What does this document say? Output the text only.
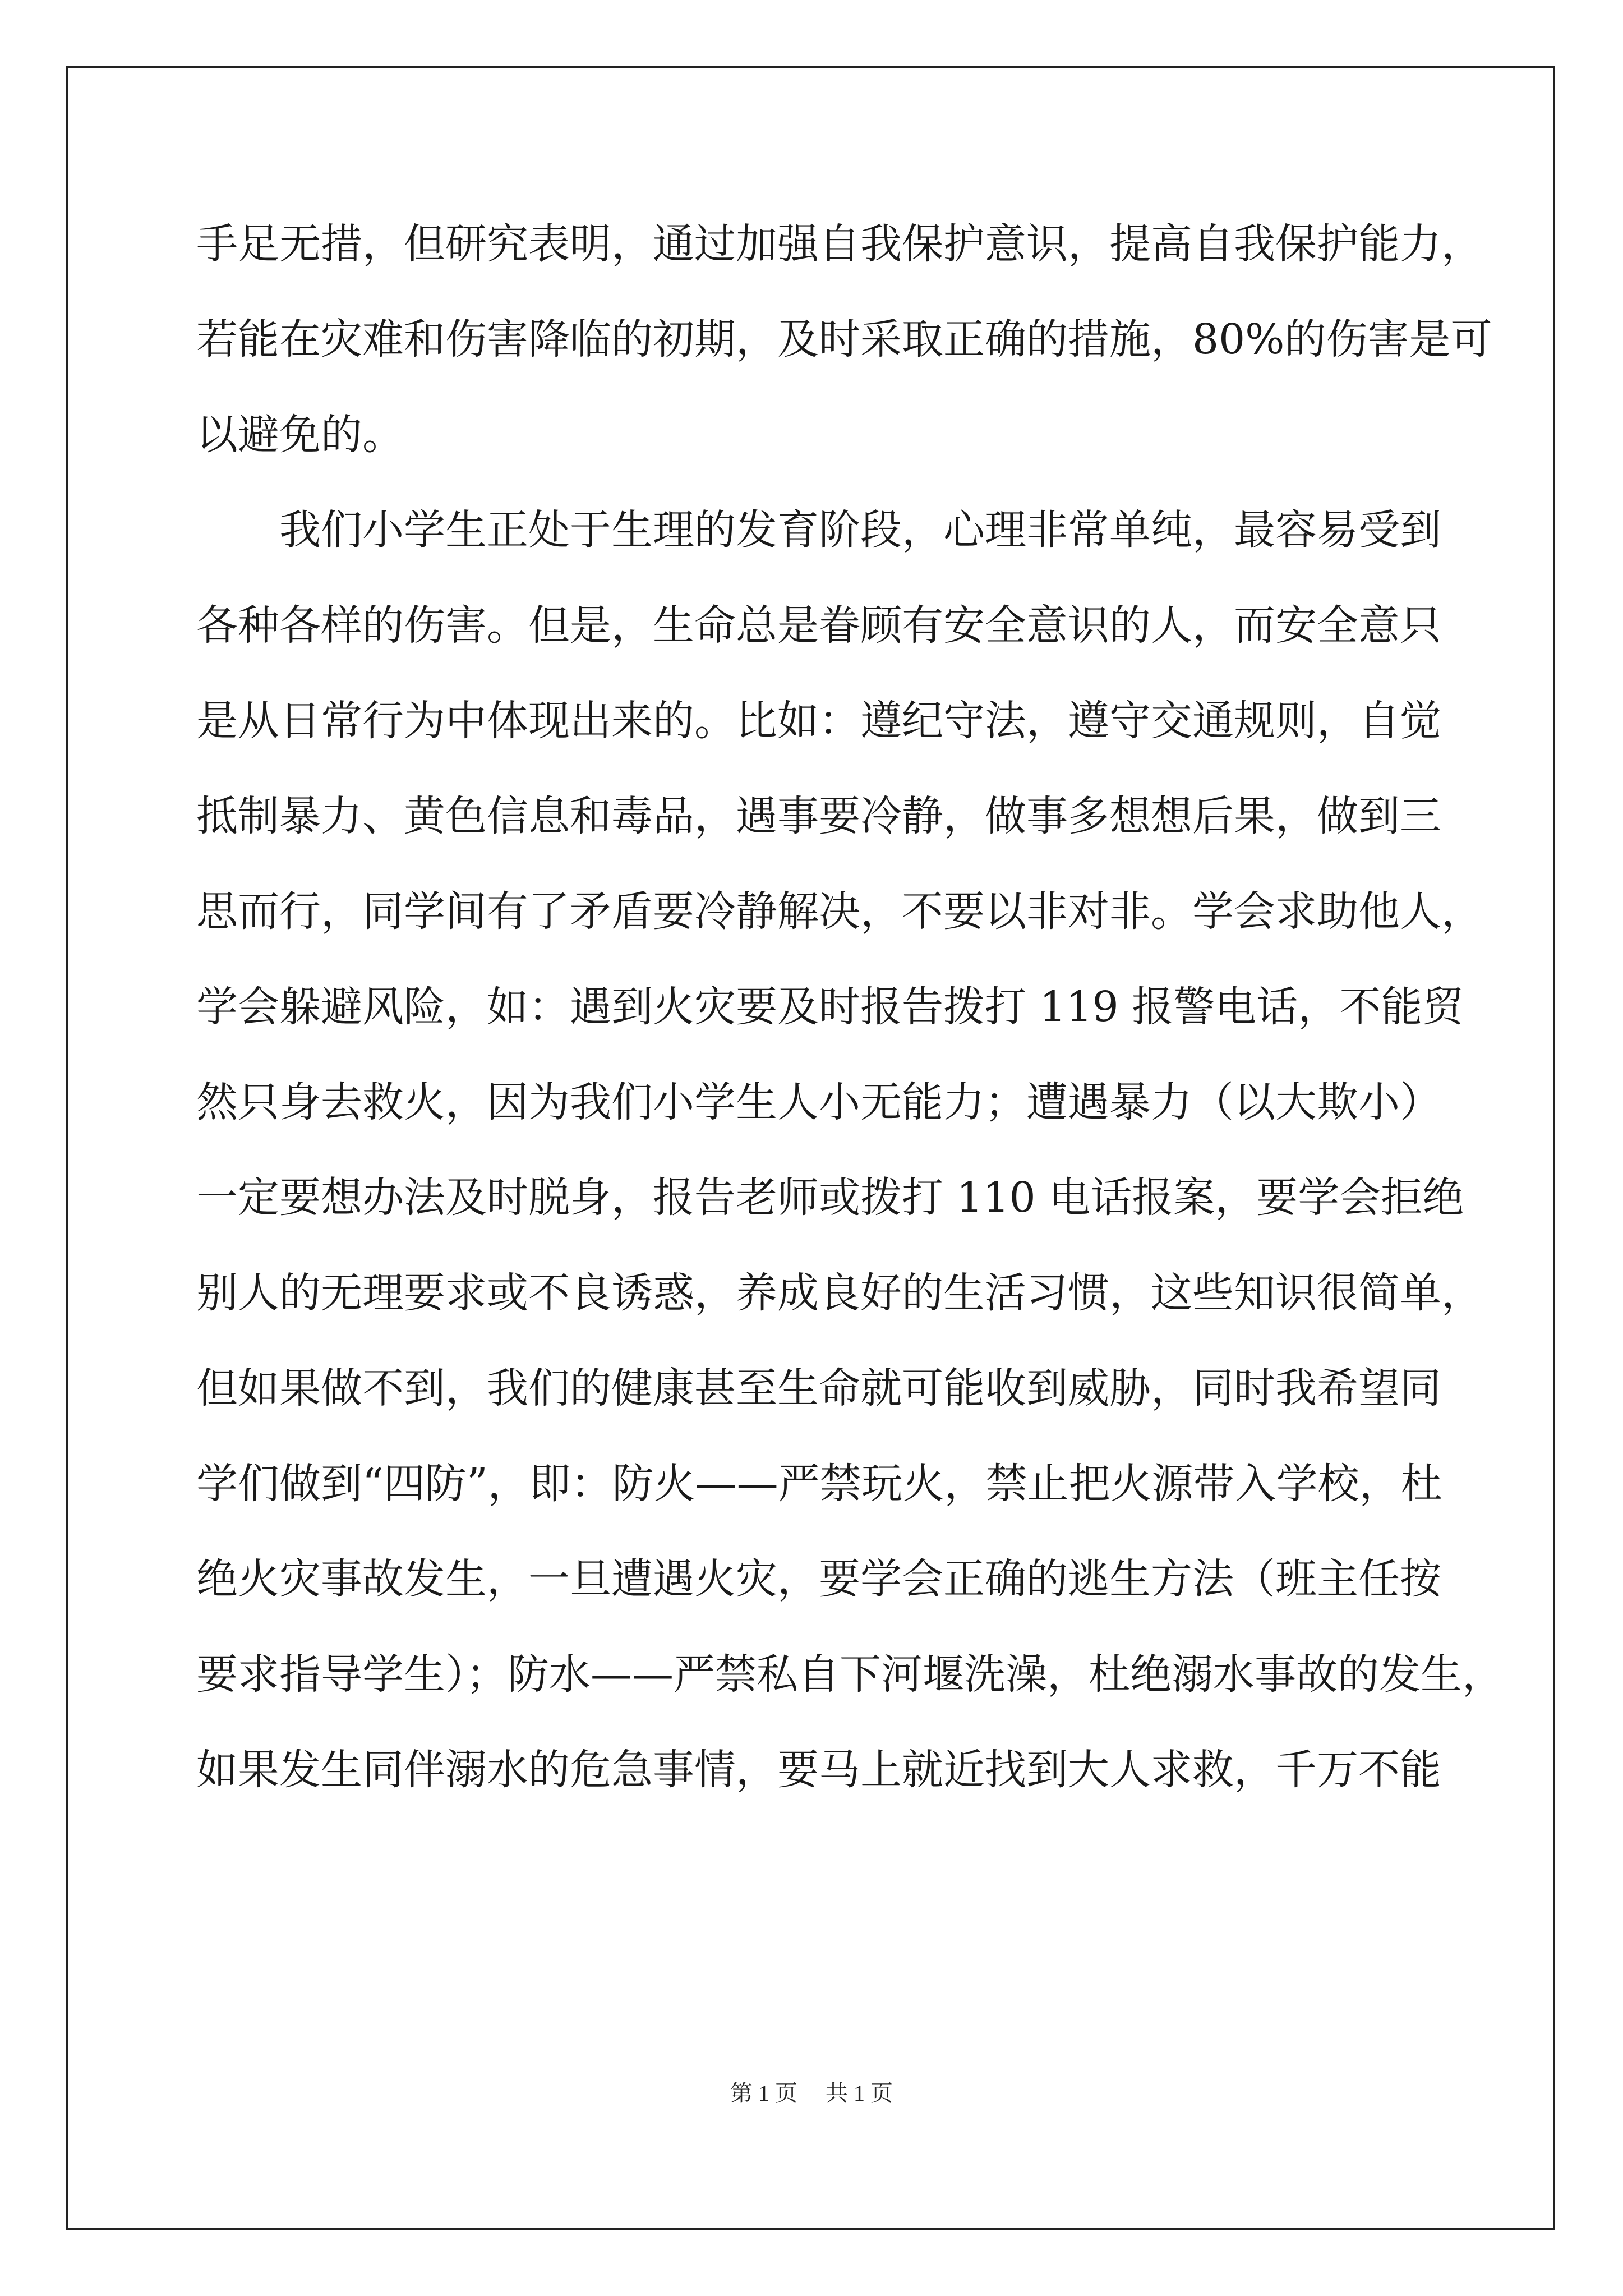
手足无措，但研究表明，通过加强自我保护意识，提高自我保护能力，
若能在灾难和伤害降临的初期，及时采取正确的措施，80%的伤害是可
以避免的。
　　我们小学生正处于生理的发育阶段，心理非常单纯，最容易受到
各种各样的伤害。但是，生命总是眷顾有安全意识的人，而安全意只
是从日常行为中体现出来的。比如：遵纪守法，遵守交通规则，自觉
抵制暴力、黄色信息和毒品，遇事要冷静，做事多想想后果，做到三
思而行，同学间有了矛盾要冷静解决，不要以非对非。学会求助他人，
学会躲避风险，如：遇到火灾要及时报告拨打 119 报警电话，不能贸
然只身去救火，因为我们小学生人小无能力；遭遇暴力（以大欺小）
一定要想办法及时脱身，报告老师或拨打 110 电话报案，要学会拒绝
别人的无理要求或不良诱惑，养成良好的生活习惯，这些知识很简单，
但如果做不到，我们的健康甚至生命就可能收到威胁，同时我希望同
学们做到“四防”，即：防火——严禁玩火，禁止把火源带入学校，杜
绝火灾事故发生，一旦遭遇火灾，要学会正确的逃生方法（班主任按
要求指导学生）；防水——严禁私自下河堰洗澡，杜绝溺水事故的发生，
如果发生同伴溺水的危急事情，要马上就近找到大人求救，千万不能
第 1 页 共 1 页
